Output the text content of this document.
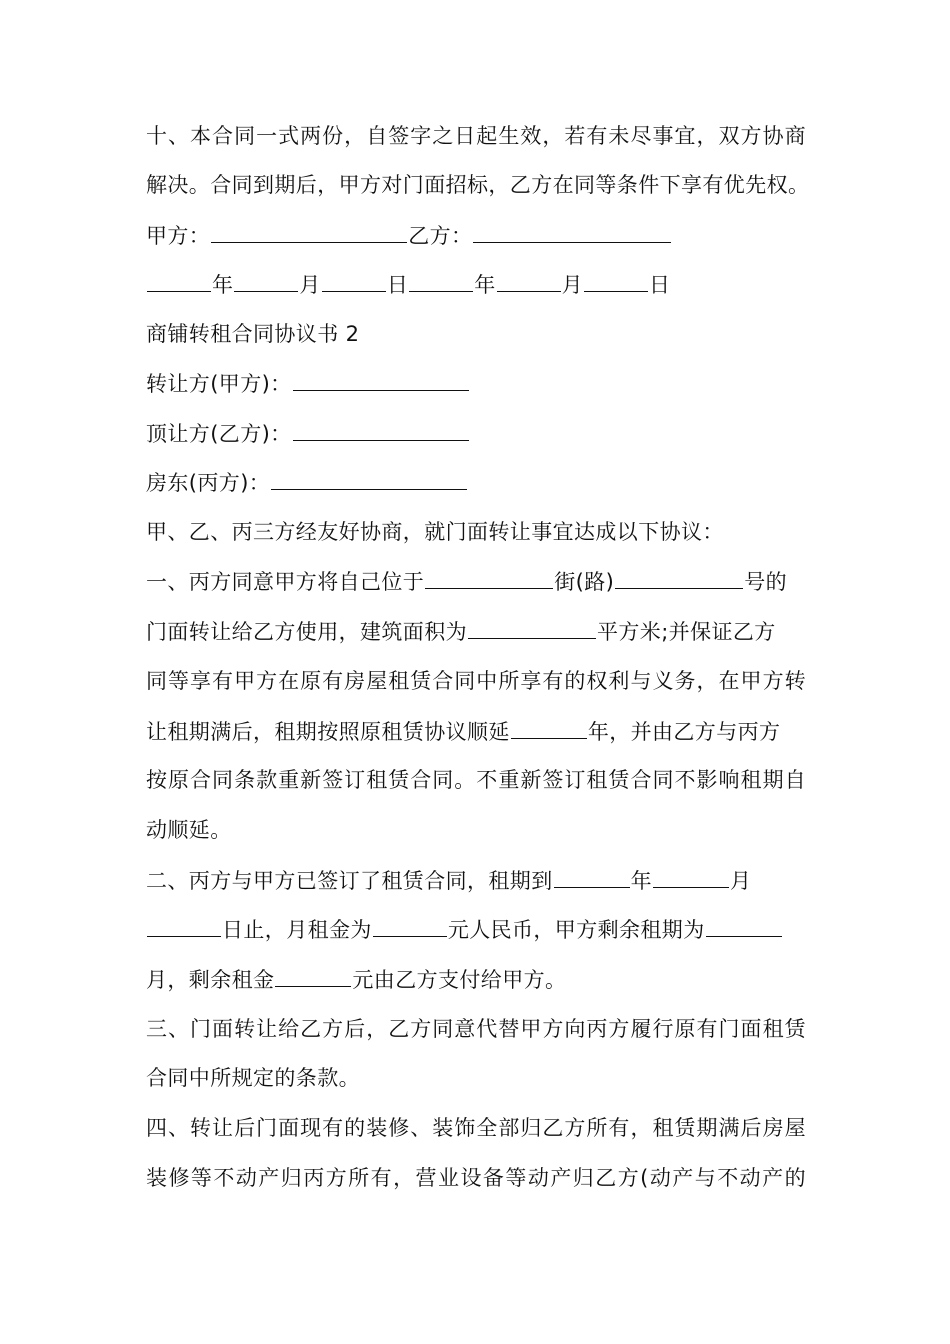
十、本合同一式两份，自签字之日起生效，若有未尽事宜，双方协商
解决。合同到期后，甲方对门面招标，乙方在同等条件下享有优先权。
甲方：	乙方：
年	月	日	年	月	日
商铺转租合同协议书 2
转让方(甲方)：
顶让方(乙方)：
房东(丙方)：
甲、乙、丙三方经友好协商，就门面转让事宜达成以下协议：
一、丙方同意甲方将自己位于	街(路)	号的
门面转让给乙方使用，建筑面积为	平方米;并保证乙方
同等享有甲方在原有房屋租赁合同中所享有的权利与义务，在甲方转
让租期满后，租期按照原租赁协议顺延	年，并由乙方与丙方
按原合同条款重新签订租赁合同。不重新签订租赁合同不影响租期自
动顺延。
二、丙方与甲方已签订了租赁合同，租期到	年	月
日止，月租金为	元人民币，甲方剩余租期为
月，剩余租金	元由乙方支付给甲方。
三、门面转让给乙方后，乙方同意代替甲方向丙方履行原有门面租赁
合同中所规定的条款。
四、转让后门面现有的装修、装饰全部归乙方所有，租赁期满后房屋
装修等不动产归丙方所有，营业设备等动产归乙方(动产与不动产的
